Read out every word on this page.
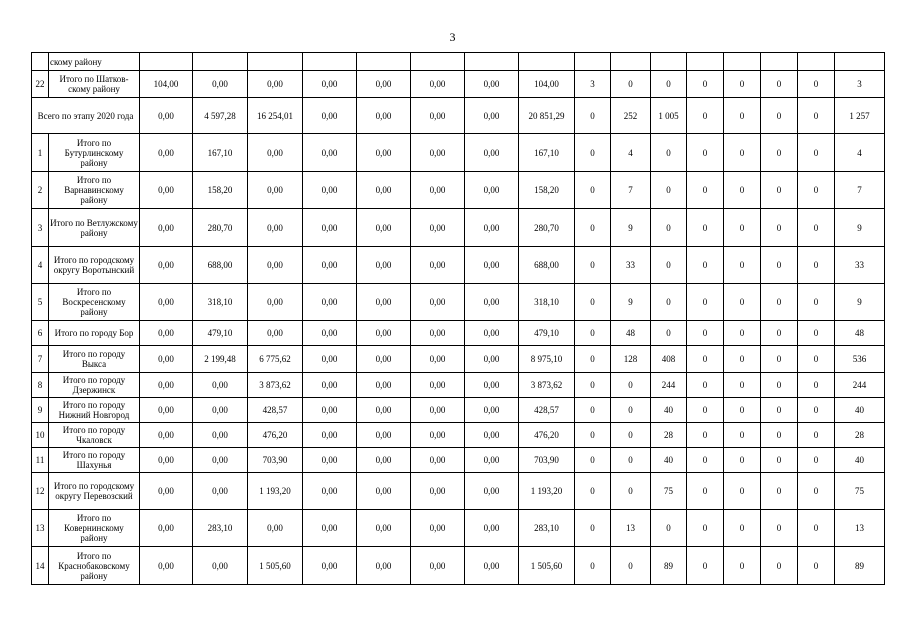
3
	скому району																
22	Итого по Шатков-скому району	104,00	0,00	0,00	0,00	0,00	0,00	0,00	104,00	3	0	0	0	0	0	0	3
Всего по этапу 2020 года		0,00	4 597,28	16 254,01	0,00	0,00	0,00	0,00	20 851,29	0	252	1 005	0	0	0	0	1 257
1	Итого по Бутурлинскому району	0,00	167,10	0,00	0,00	0,00	0,00	0,00	167,10	0	4	0	0	0	0	0	4
2	Итого по Варнавинскому району	0,00	158,20	0,00	0,00	0,00	0,00	0,00	158,20	0	7	0	0	0	0	0	7
3	Итого по Ветлужскому району	0,00	280,70	0,00	0,00	0,00	0,00	0,00	280,70	0	9	0	0	0	0	0	9
4	Итого по городскому округу Воротынский	0,00	688,00	0,00	0,00	0,00	0,00	0,00	688,00	0	33	0	0	0	0	0	33
5	Итого по Воскресенскому району	0,00	318,10	0,00	0,00	0,00	0,00	0,00	318,10	0	9	0	0	0	0	0	9
6	Итого по городу Бор	0,00	479,10	0,00	0,00	0,00	0,00	0,00	479,10	0	48	0	0	0	0	0	48
7	Итого по городу Выкса	0,00	2 199,48	6 775,62	0,00	0,00	0,00	0,00	8 975,10	0	128	408	0	0	0	0	536
8	Итого по городу Дзержинск	0,00	0,00	3 873,62	0,00	0,00	0,00	0,00	3 873,62	0	0	244	0	0	0	0	244
9	Итого по городу Нижний Новгород	0,00	0,00	428,57	0,00	0,00	0,00	0,00	428,57	0	0	40	0	0	0	0	40
10	Итого по городу Чкаловск	0,00	0,00	476,20	0,00	0,00	0,00	0,00	476,20	0	0	28	0	0	0	0	28
11	Итого по городу Шахунья	0,00	0,00	703,90	0,00	0,00	0,00	0,00	703,90	0	0	40	0	0	0	0	40
12	Итого по городскому округу Перевозский	0,00	0,00	1 193,20	0,00	0,00	0,00	0,00	1 193,20	0	0	75	0	0	0	0	75
13	Итого по Ковернинскому району	0,00	283,10	0,00	0,00	0,00	0,00	0,00	283,10	0	13	0	0	0	0	0	13
14	Итого по Краснобаковскому району	0,00	0,00	1 505,60	0,00	0,00	0,00	0,00	1 505,60	0	0	89	0	0	0	0	89
